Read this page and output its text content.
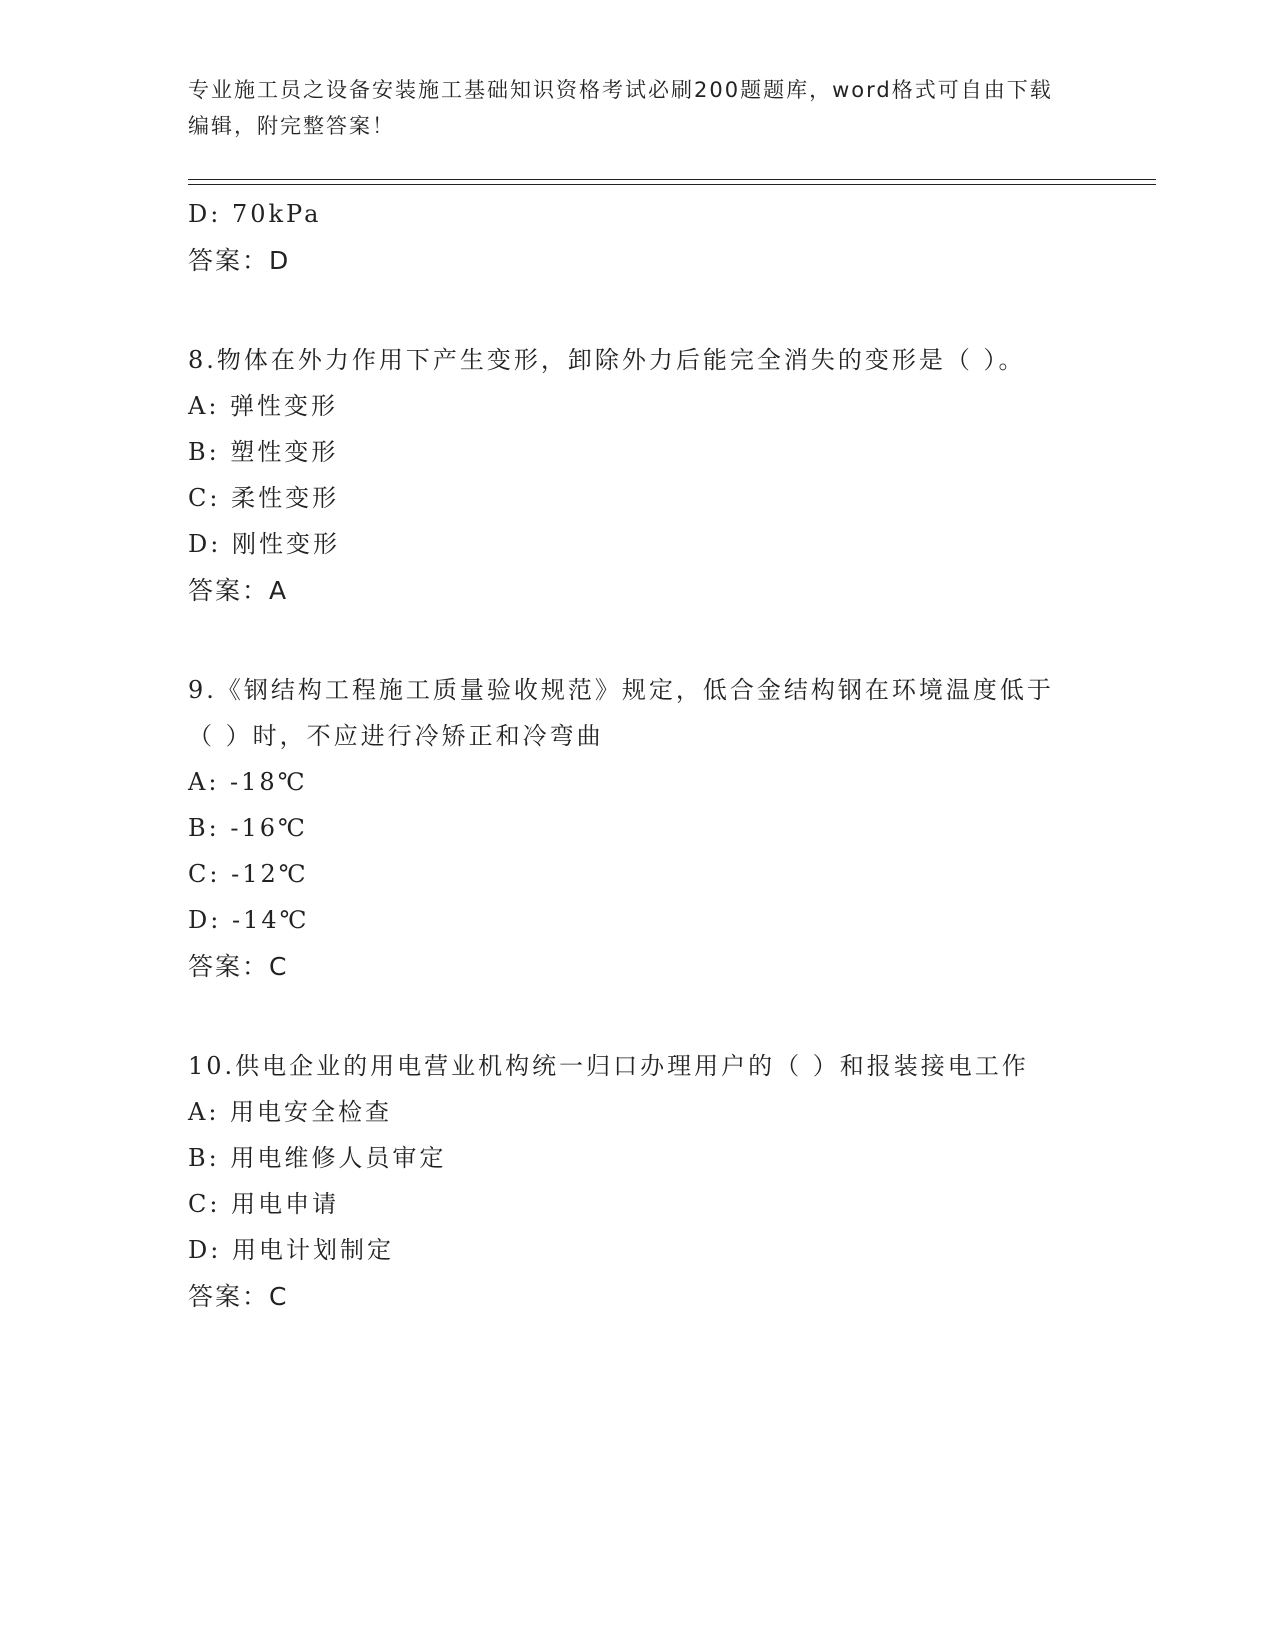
专业施工员之设备安装施工基础知识资格考试必刷200题题库，word格式可自由下载编辑，附完整答案！
D: 70kPa
答案：D
8.物体在外力作用下产生变形，卸除外力后能完全消失的变形是（ ）。
A: 弹性变形
B: 塑性变形
C: 柔性变形
D: 刚性变形
答案：A
9.《钢结构工程施工质量验收规范》规定，低合金结构钢在环境温度低于（ ）时，不应进行冷矫正和冷弯曲
A: -18℃
B: -16℃
C: -12℃
D: -14℃
答案：C
10.供电企业的用电营业机构统一归口办理用户的（ ）和报装接电工作
A: 用电安全检查
B: 用电维修人员审定
C: 用电申请
D: 用电计划制定
答案：C
